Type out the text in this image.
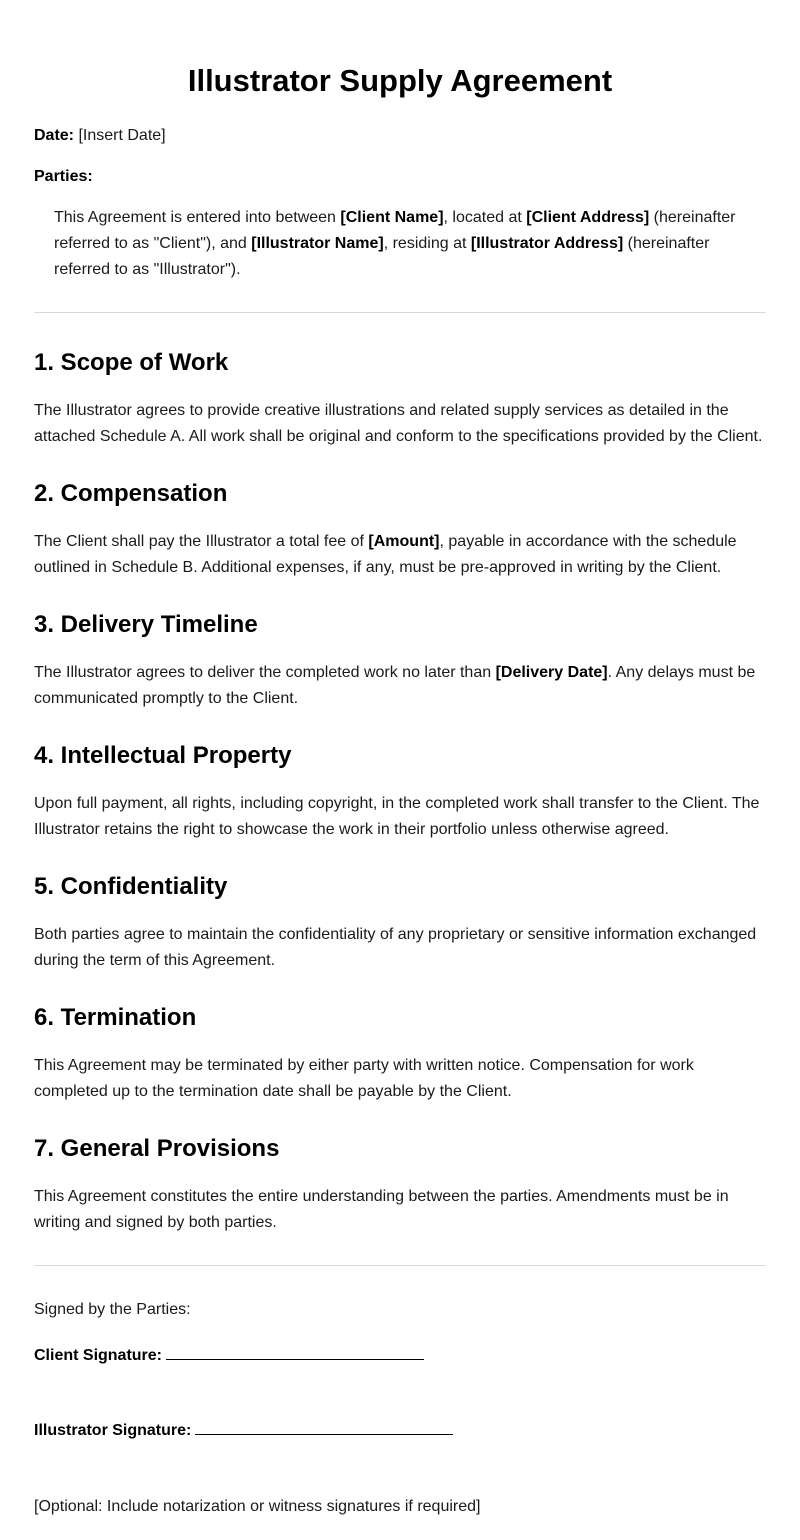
Illustrator Supply Agreement

Date: [Insert Date]

Parties:

This Agreement is entered into between [Client Name], located at [Client Address] (hereinafter referred to as "Client"), and [Illustrator Name], residing at [Illustrator Address] (hereinafter referred to as "Illustrator").

1. Scope of Work

The Illustrator agrees to provide creative illustrations and related supply services as detailed in the attached Schedule A. All work shall be original and conform to the specifications provided by the Client.

2. Compensation

The Client shall pay the Illustrator a total fee of [Amount], payable in accordance with the schedule outlined in Schedule B. Additional expenses, if any, must be pre-approved in writing by the Client.

3. Delivery Timeline

The Illustrator agrees to deliver the completed work no later than [Delivery Date]. Any delays must be communicated promptly to the Client.

4. Intellectual Property

Upon full payment, all rights, including copyright, in the completed work shall transfer to the Client. The Illustrator retains the right to showcase the work in their portfolio unless otherwise agreed.

5. Confidentiality

Both parties agree to maintain the confidentiality of any proprietary or sensitive information exchanged during the term of this Agreement.

6. Termination

This Agreement may be terminated by either party with written notice. Compensation for work completed up to the termination date shall be payable by the Client.

7. General Provisions

This Agreement constitutes the entire understanding between the parties. Amendments must be in writing and signed by both parties.

Signed by the Parties:

Client Signature:

Illustrator Signature:

[Optional: Include notarization or witness signatures if required]
